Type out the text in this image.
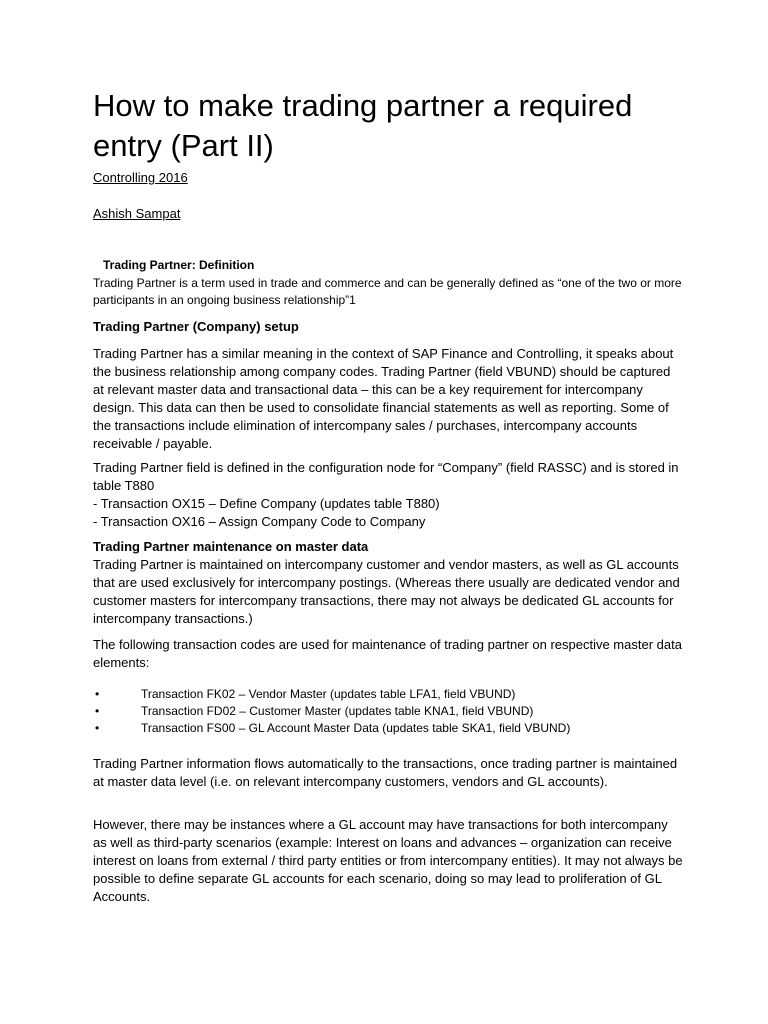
How to make trading partner a required entry (Part II)
Controlling 2016
Ashish Sampat
Trading Partner: Definition
Trading Partner is a term used in trade and commerce and can be generally defined as “one of the two or more participants in an ongoing business relationship”1
Trading Partner (Company) setup
Trading Partner has a similar meaning in the context of SAP Finance and Controlling, it speaks about the business relationship among company codes. Trading Partner (field VBUND) should be captured at relevant master data and transactional data – this can be a key requirement for intercompany design. This data can then be used to consolidate financial statements as well as reporting. Some of the transactions include elimination of intercompany sales / purchases, intercompany accounts receivable / payable.

Trading Partner field is defined in the configuration node for “Company” (field RASSC) and is stored in table T880

- Transaction OX15 – Define Company (updates table T880)

- Transaction OX16 – Assign Company Code to Company

Trading Partner maintenance on master data
Trading Partner is maintained on intercompany customer and vendor masters, as well as GL accounts that are used exclusively for intercompany postings. (Whereas there usually are dedicated vendor and customer masters for intercompany transactions, there may not always be dedicated GL accounts for intercompany transactions.)
The following transaction codes are used for maintenance of trading partner on respective master data elements:
•	Transaction FK02 – Vendor Master (updates table LFA1, field VBUND)
•	Transaction FD02 – Customer Master (updates table KNA1, field VBUND)
•	Transaction FS00 – GL Account Master Data (updates table SKA1, field VBUND)
Trading Partner information flows automatically to the transactions, once trading partner is maintained at master data level (i.e. on relevant intercompany customers, vendors and GL accounts).
However, there may be instances where a GL account may have transactions for both intercompany as well as third-party scenarios (example: Interest on loans and advances – organization can receive interest on loans from external / third party entities or from intercompany entities). It may not always be possible to define separate GL accounts for each scenario, doing so may lead to proliferation of GL Accounts.
